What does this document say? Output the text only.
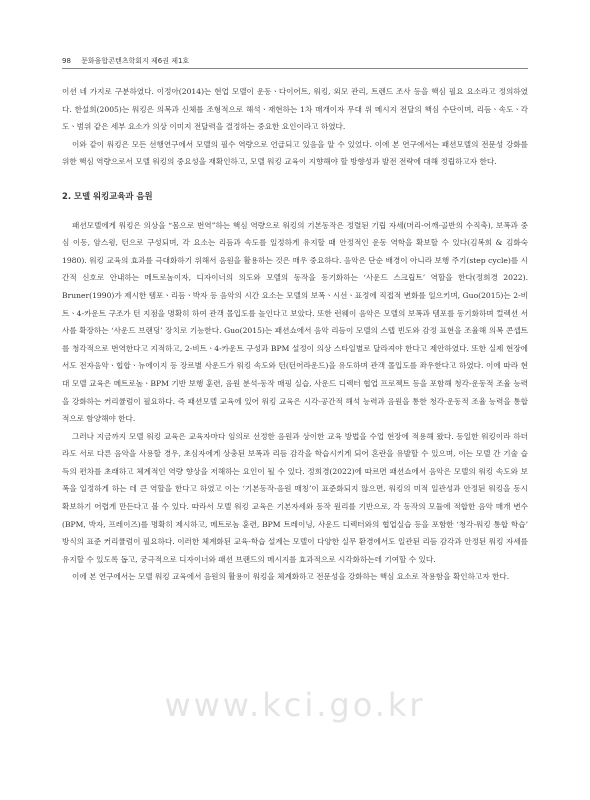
98 문화융합콘텐츠학회지 제6권 제1호

이션 네 가지로 구분하였다. 이정아(2014)는 현업 모델이 운동ㆍ다이어트, 워킹, 외모 관리, 트렌드 조사 등을 핵심 필요 요소라고 정의하였다. 한설희(2005)는 워킹은 의복과 신체를 조형적으로 해석ㆍ재현하는 1차 매개이자 무대 위 메시지 전달의 핵심 수단이며, 리듬ㆍ속도ㆍ각도ㆍ범위 같은 세부 요소가 의상 이미지 전달력을 결정하는 중요한 요인이라고 하였다.

이와 같이 워킹은 모든 선행연구에서 모델의 필수 역량으로 언급되고 있음을 알 수 있었다. 이에 본 연구에서는 패션모델의 전문성 강화를 위한 핵심 역량으로서 모델 워킹의 중요성을 재확인하고, 모델 워킹 교육이 지향해야 할 방향성과 발전 전략에 대해 정립하고자 한다.

2. 모델 워킹교육과 음원

패션모델에게 워킹은 의상을 “몸으로 번역”하는 핵심 역량으로 워킹의 기본동작은 정렬된 기립 자세(머리-어깨-골반의 수직축), 보폭과 중심 이동, 암스윙, 턴으로 구성되며, 각 요소는 리듬과 속도를 일정하게 유지할 때 안정적인 운동 역학을 확보할 수 있다(김복희 & 김화숙 1980). 워킹 교육의 효과를 극대화하기 위해서 음원을 활용하는 것은 매우 중요하다. 음악은 단순 배경이 아니라 보행 주기(step cycle)를 시간적 신호로 안내하는 메트로놈이자, 디자이너의 의도와 모델의 동작을 동기화하는 ‘사운드 스크립트’ 역할을 한다(정희경 2022). Bruner(1990)가 제시한 템포ㆍ리듬ㆍ박자 등 음악의 시간 요소는 모델의 보폭ㆍ시선ㆍ표정에 직접적 변화를 일으키며, Guo(2015)는 2-비트ㆍ4-카운트 구조가 턴 지점을 명확히 하여 관객 몰입도를 높인다고 보았다. 또한 런웨이 음악은 모델의 보폭과 템포를 동기화하며 컬렉션 서사를 확장하는 ‘사운드 브랜딩’ 장치로 기능한다. Guo(2015)는 패션쇼에서 음악 리듬이 모델의 스텝 빈도와 감정 표현을 조율해 의복 콘셉트를 청각적으로 번역한다고 지적하고, 2-비트ㆍ4-카운트 구성과 BPM 설정이 의상 스타일별로 달라져야 한다고 제안하였다. 또한 실제 현장에서도 전자음악ㆍ힙합ㆍ뉴에이지 등 장르별 사운드가 워킹 속도와 턴(턴어라운드)을 유도하며 관객 몰입도를 좌우한다고 하였다. 이에 따라 현대 모델 교육은 메트로놈ㆍBPM 기반 보행 훈련, 음원 분석-동작 매핑 실습, 사운드 디렉터 협업 프로젝트 등을 포함해 청각-운동적 조율 능력을 강화하는 커리큘럼이 필요하다. 즉 패션모델 교육에 있어 워킹 교육은 시각-공간적 해석 능력과 음원을 통한 청각-운동적 조율 능력을 통합적으로 함양해야 한다.

그러나 지금까지 모델 워킹 교육은 교육자마다 임의로 선정한 음원과 상이한 교육 방법을 수업 현장에 적용해 왔다. 동일한 워킹이라 하더라도 서로 다른 음악을 사용할 경우, 초심자에게 상충된 보폭과 리듬 감각을 학습시키게 되어 혼란을 유발할 수 있으며, 이는 모델 간 기술 습득의 편차를 초래하고 체계적인 역량 향상을 저해하는 요인이 될 수 있다. 정희경(2022)에 따르면 패션쇼에서 음악은 모델의 워킹 속도와 보폭을 일정하게 하는 데 큰 역할을 한다고 하였고 이는 ‘기본동작-음원 매칭’이 표준화되지 않으면, 워킹의 미적 일관성과 안정된 워킹을 동시 확보하기 어렵게 만든다고 볼 수 있다. 따라서 모델 워킹 교육은 기본자세와 동작 원리를 기반으로, 각 동작의 모듈에 적합한 음악 매개 변수(BPM, 박자, 프레이즈)를 명확히 제시하고, 메트로놈 훈련, BPM 트레이닝, 사운드 디렉터와의 협업실습 등을 포함한 ‘청각-워킹 통합 학습’ 방식의 표준 커리큘럼이 필요하다. 이러한 체계화된 교육-학습 설계는 모델이 다양한 실무 환경에서도 일관된 리듬 감각과 안정된 워킹 자세를 유지할 수 있도록 돕고, 궁극적으로 디자이너와 패션 브랜드의 메시지를 효과적으로 시각화하는데 기여할 수 있다.

이에 본 연구에서는 모델 워킹 교육에서 음원의 활용이 워킹을 체계화하고 전문성을 강화하는 핵심 요소로 작용함을 확인하고자 한다.

www.kci.go.kr
